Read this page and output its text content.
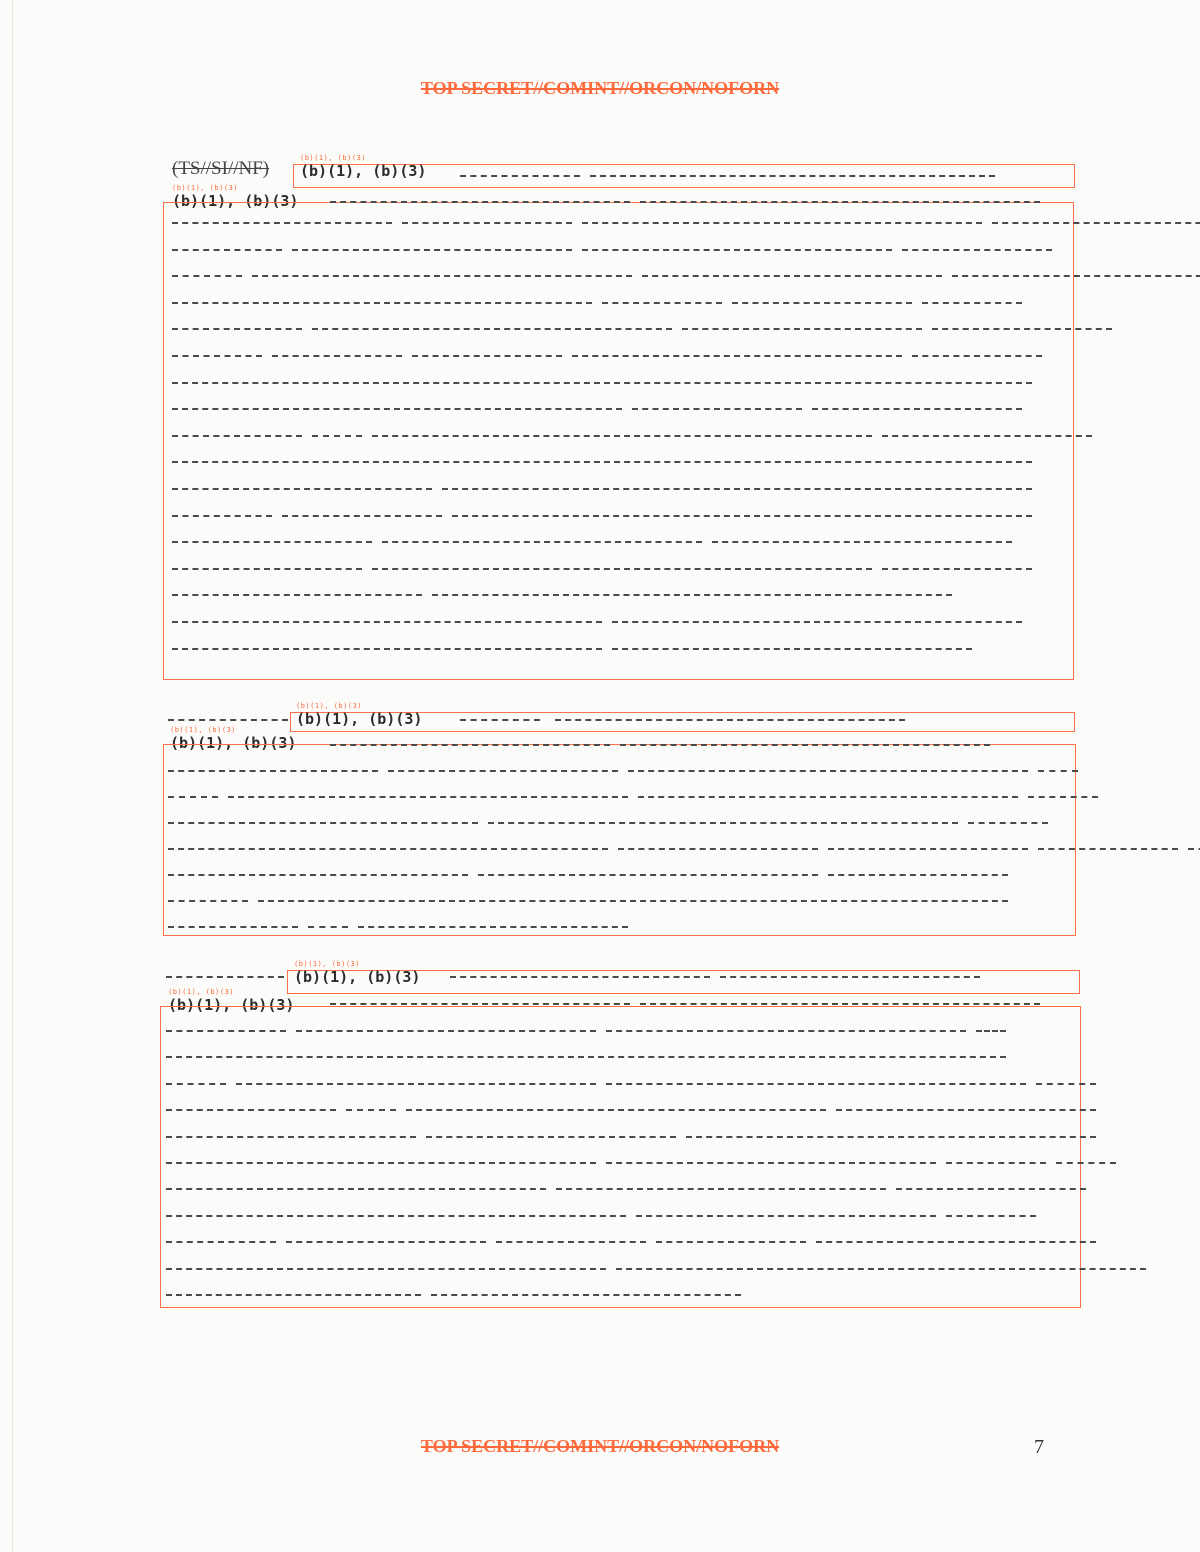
TOP SECRET//COMINT//ORCON/NOFORN
(TS//SI//NF)	(b)(1), (b)(3)
(b)(1), (b)(3)
(b)(1), (b)(3)
(b)(1), (b)(3)
(b)(1), (b)(3)
(b)(1), (b)(3)
(b)(1), (b)(3)
(b)(1), (b)(3)
(b)(1), (b)(3)
(b)(1), (b)(3)
(b)(1), (b)(3)
(b)(1), (b)(3)
TOP SECRET//COMINT//ORCON/NOFORN	7
